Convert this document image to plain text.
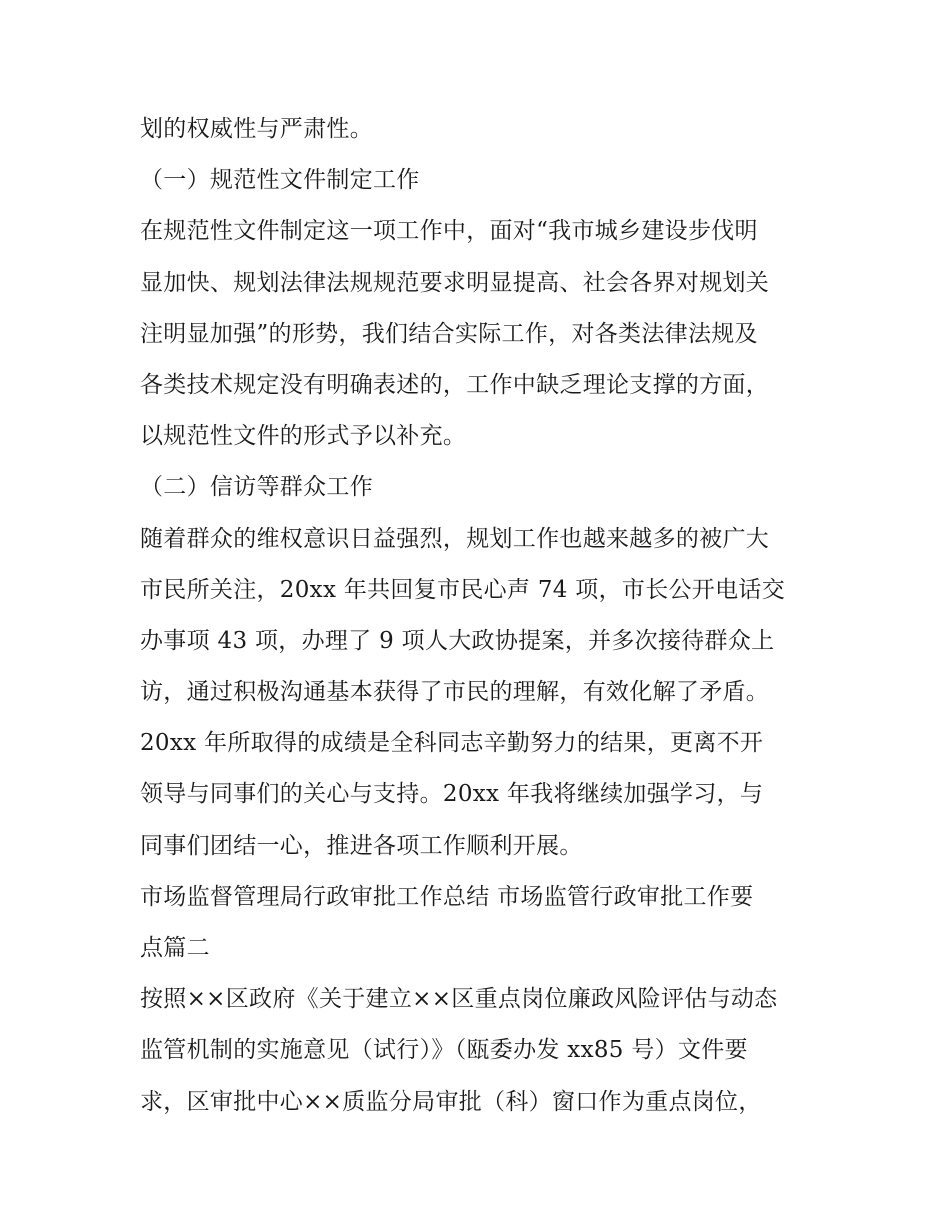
划的权威性与严肃性。
（一）规范性文件制定工作
在规范性文件制定这一项工作中，面对“我市城乡建设步伐明
显加快、规划法律法规规范要求明显提高、社会各界对规划关
注明显加强”的形势，我们结合实际工作，对各类法律法规及
各类技术规定没有明确表述的，工作中缺乏理论支撑的方面，
以规范性文件的形式予以补充。
（二）信访等群众工作
随着群众的维权意识日益强烈，规划工作也越来越多的被广大
市民所关注，20xx 年共回复市民心声 74 项，市长公开电话交
办事项 43 项，办理了 9 项人大政协提案，并多次接待群众上
访，通过积极沟通基本获得了市民的理解，有效化解了矛盾。
20xx 年所取得的成绩是全科同志辛勤努力的结果，更离不开
领导与同事们的关心与支持。20xx 年我将继续加强学习，与
同事们团结一心，推进各项工作顺利开展。
市场监督管理局行政审批工作总结 市场监管行政审批工作要
点篇二
按照××区政府《关于建立××区重点岗位廉政风险评估与动态
监管机制的实施意见（试行）》（瓯委办发 xx85 号）文件要
求，区审批中心××质监分局审批（科）窗口作为重点岗位，
